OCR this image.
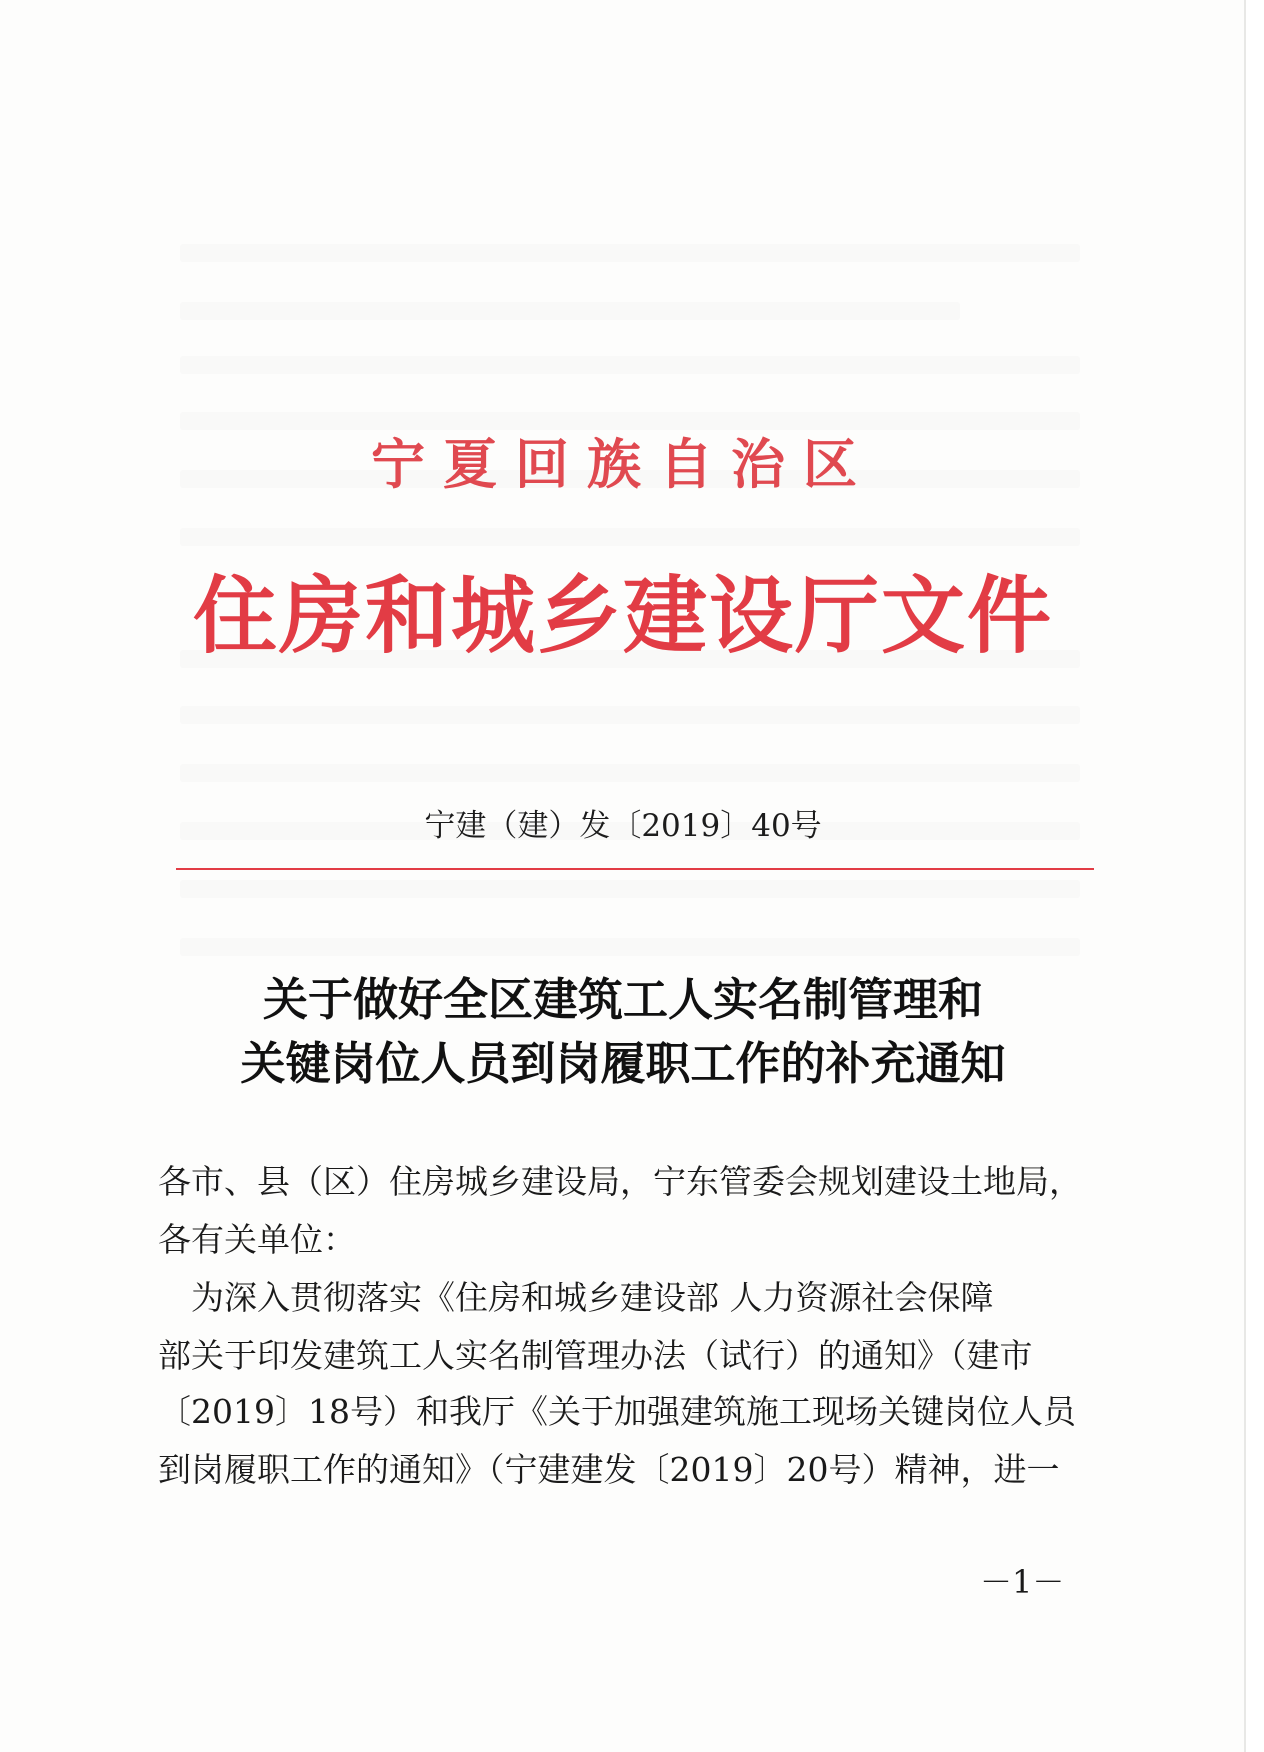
宁夏回族自治区
住房和城乡建设厅文件
宁建（建）发〔2019〕40号
关于做好全区建筑工人实名制管理和
关键岗位人员到岗履职工作的补充通知
各市、县（区）住房城乡建设局，宁东管委会规划建设土地局，
各有关单位：
　为深入贯彻落实《住房和城乡建设部 人力资源社会保障
部关于印发建筑工人实名制管理办法（试行）的通知》（建市
〔2019〕18号）和我厅《关于加强建筑施工现场关键岗位人员
到岗履职工作的通知》（宁建建发〔2019〕20号）精神，进一
－1－
